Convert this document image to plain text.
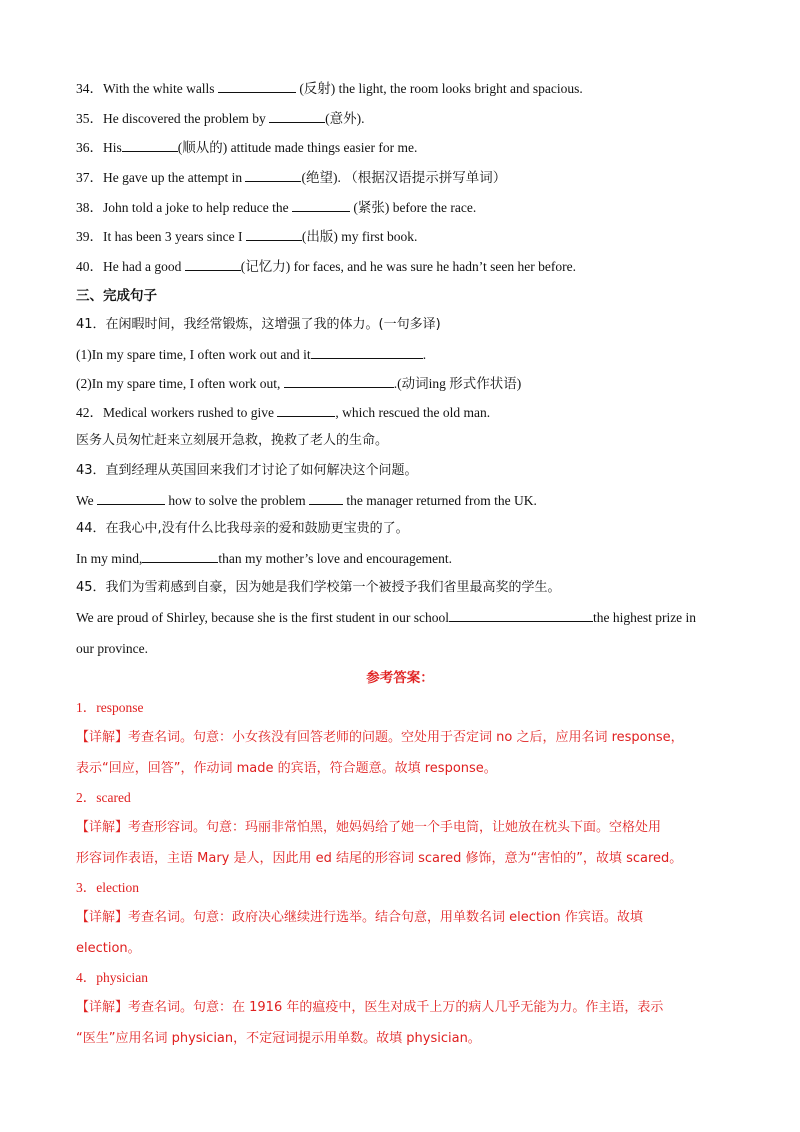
34．With the white walls	(反射) the light, the room looks bright and spacious.
35．He discovered the problem by	(意外).
36．His	(顺从的) attitude made things easier for me.
37．He gave up the attempt in	(绝望). （根据汉语提示拼写单词）
38．John told a joke to help reduce the	(紧张) before the race.
39．It has been 3 years since I	(出版) my first book.
40．He had a good	(记忆力) for faces, and he was sure he hadn’t seen her before.
三、完成句子
41．在闲暇时间，我经常锻炼，这增强了我的体力。(一句多译)
(1)In my spare time, I often work out and it	.
(2)In my spare time, I often work out,	.(动词ing 形式作状语)
42．Medical workers rushed to give	, which rescued the old man.
医务人员匆忙赶来立刻展开急救，挽救了老人的生命。
43．直到经理从英国回来我们才讨论了如何解决这个问题。
We	how to solve the problem	the manager returned from the UK.
44．在我心中,没有什么比我母亲的爱和鼓励更宝贵的了。
In my mind,	than my mother’s love and encouragement.
45．我们为雪莉感到自豪，因为她是我们学校第一个被授予我们省里最高奖的学生。
We are proud of Shirley, because she is the first student in our school	the highest prize in
our province.
参考答案：
1．response
【详解】考查名词。句意：小女孩没有回答老师的问题。空处用于否定词 no 之后，应用名词 response，
表示“回应，回答”，作动词 made 的宾语，符合题意。故填 response。
2．scared
【详解】考查形容词。句意：玛丽非常怕黑，她妈妈给了她一个手电筒，让她放在枕头下面。空格处用
形容词作表语，主语 Mary 是人，因此用 ed 结尾的形容词 scared 修饰，意为“害怕的”，故填 scared。
3．election
【详解】考查名词。句意：政府决心继续进行选举。结合句意，用单数名词 election 作宾语。故填
election。
4．physician
【详解】考查名词。句意：在 1916 年的瘟疫中，医生对成千上万的病人几乎无能为力。作主语，表示
“医生”应用名词 physician，不定冠词提示用单数。故填 physician。
